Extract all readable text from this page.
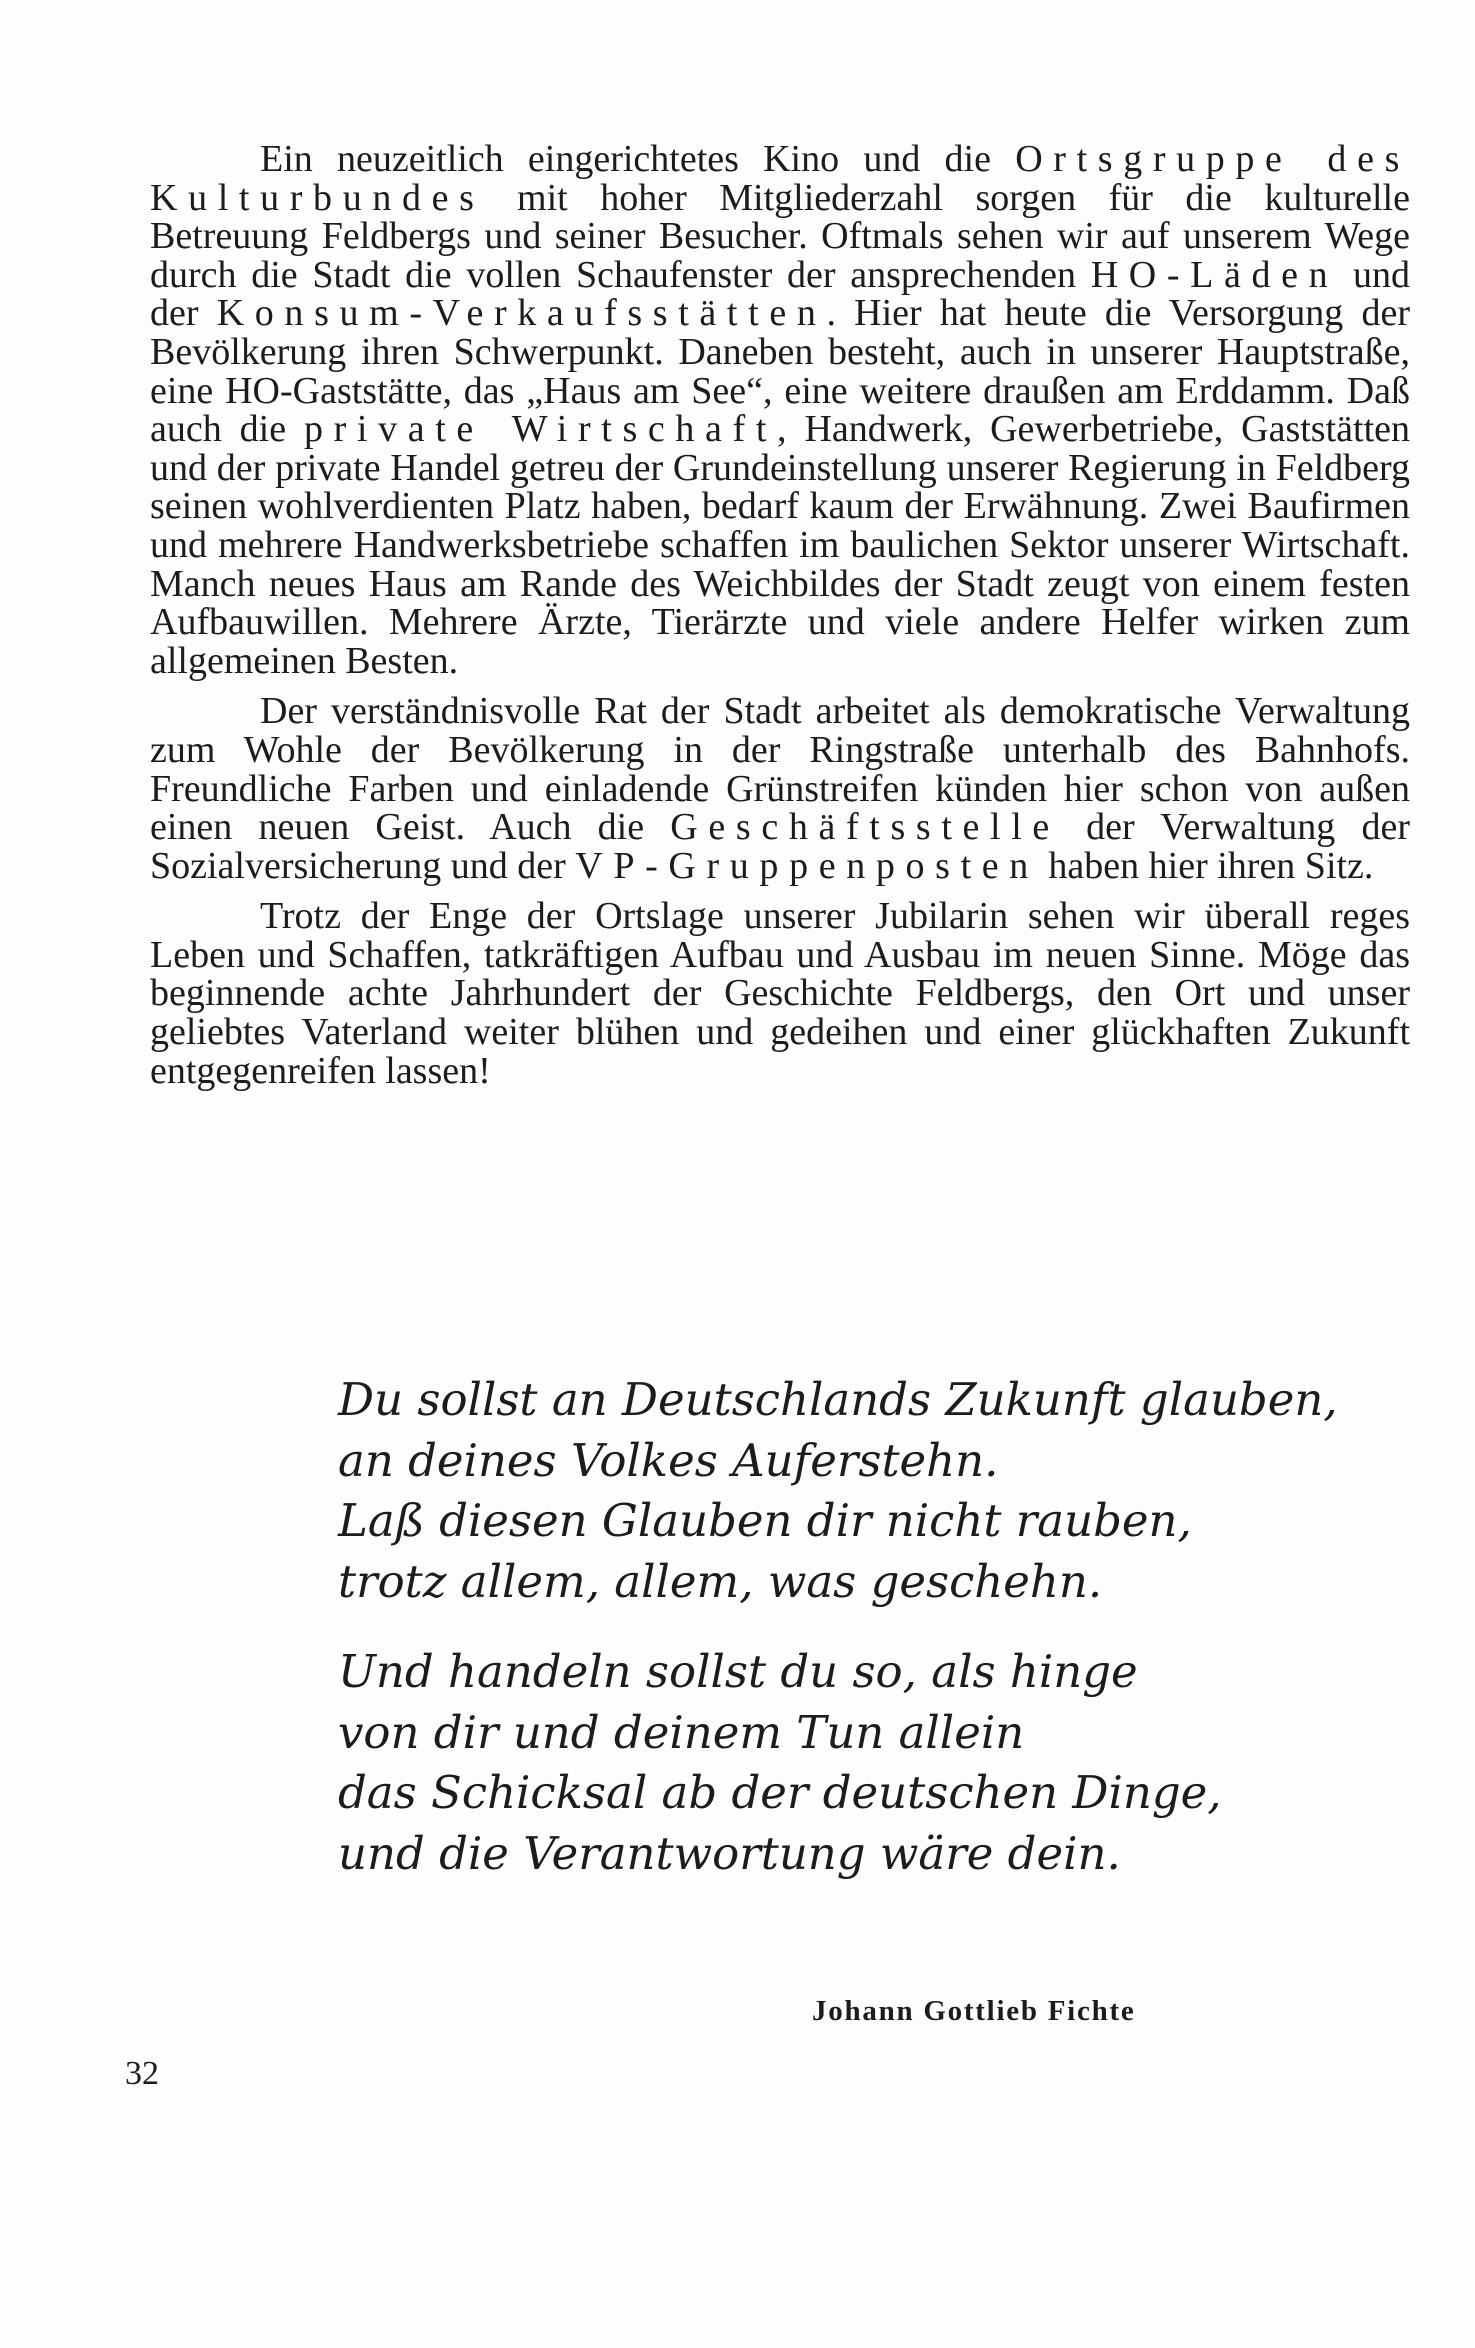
Ein neuzeitlich eingerichtetes Kino und die Ortsgruppe des Kulturbundes mit hoher Mitgliederzahl sorgen für die kulturelle Betreuung Feldbergs und seiner Besucher. Oftmals sehen wir auf unserem Wege durch die Stadt die vollen Schaufenster der ansprechenden HO-Läden und der Konsum-Verkaufsstätten. Hier hat heute die Versorgung der Bevölkerung ihren Schwerpunkt. Daneben besteht, auch in unserer Hauptstraße, eine HO-Gaststätte, das „Haus am See“, eine weitere draußen am Erddamm. Daß auch die private Wirtschaft, Handwerk, Gewerbetriebe, Gaststätten und der private Handel getreu der Grundeinstellung unserer Regierung in Feldberg seinen wohlverdienten Platz haben, bedarf kaum der Erwähnung. Zwei Baufirmen und mehrere Handwerksbetriebe schaffen im baulichen Sektor unserer Wirtschaft. Manch neues Haus am Rande des Weichbildes der Stadt zeugt von einem festen Aufbauwillen. Mehrere Ärzte, Tierärzte und viele andere Helfer wirken zum allgemeinen Besten.

Der verständnisvolle Rat der Stadt arbeitet als demokratische Verwaltung zum Wohle der Bevölkerung in der Ringstraße unterhalb des Bahnhofs. Freundliche Farben und einladende Grünstreifen künden hier schon von außen einen neuen Geist. Auch die Geschäftsstelle der Verwaltung der Sozialversicherung und der VP-Gruppenposten haben hier ihren Sitz.

Trotz der Enge der Ortslage unserer Jubilarin sehen wir überall reges Leben und Schaffen, tatkräftigen Aufbau und Ausbau im neuen Sinne. Möge das beginnende achte Jahrhundert der Geschichte Feldbergs, den Ort und unser geliebtes Vaterland weiter blühen und gedeihen und einer glückhaften Zukunft entgegenreifen lassen!

Du sollst an Deutschlands Zukunft glauben,
an deines Volkes Auferstehn.
Laß diesen Glauben dir nicht rauben,
trotz allem, allem, was geschehn.
Und handeln sollst du so, als hinge
von dir und deinem Tun allein
das Schicksal ab der deutschen Dinge,
und die Verantwortung wäre dein.
Johann Gottlieb Fichte
32
